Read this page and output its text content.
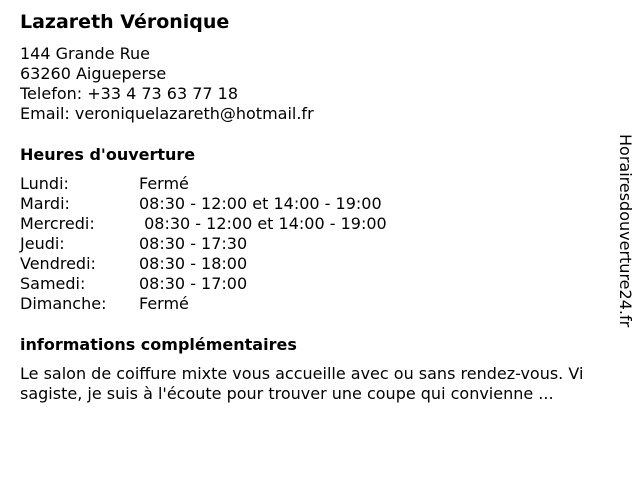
Lazareth Véronique
144 Grande Rue
63260 Aigueperse
Telefon: +33 4 73 63 77 18
Email: veroniquelazareth@hotmail.fr
Heures d'ouverture
Lundi:	Fermé
Mardi:	08:30 - 12:00 et 14:00 - 19:00
Mercredi:	08:30 - 12:00 et 14:00 - 19:00
Jeudi:	08:30 - 17:30
Vendredi:	08:30 - 18:00
Samedi:	08:30 - 17:00
Dimanche: Fermé
informations complémentaires
Le salon de coiffure mixte vous accueille avec ou sans rendez-vous. Vi
sagiste, je suis à l'écoute pour trouver une coupe qui convienne ...
Horairesdouverture24.fr
